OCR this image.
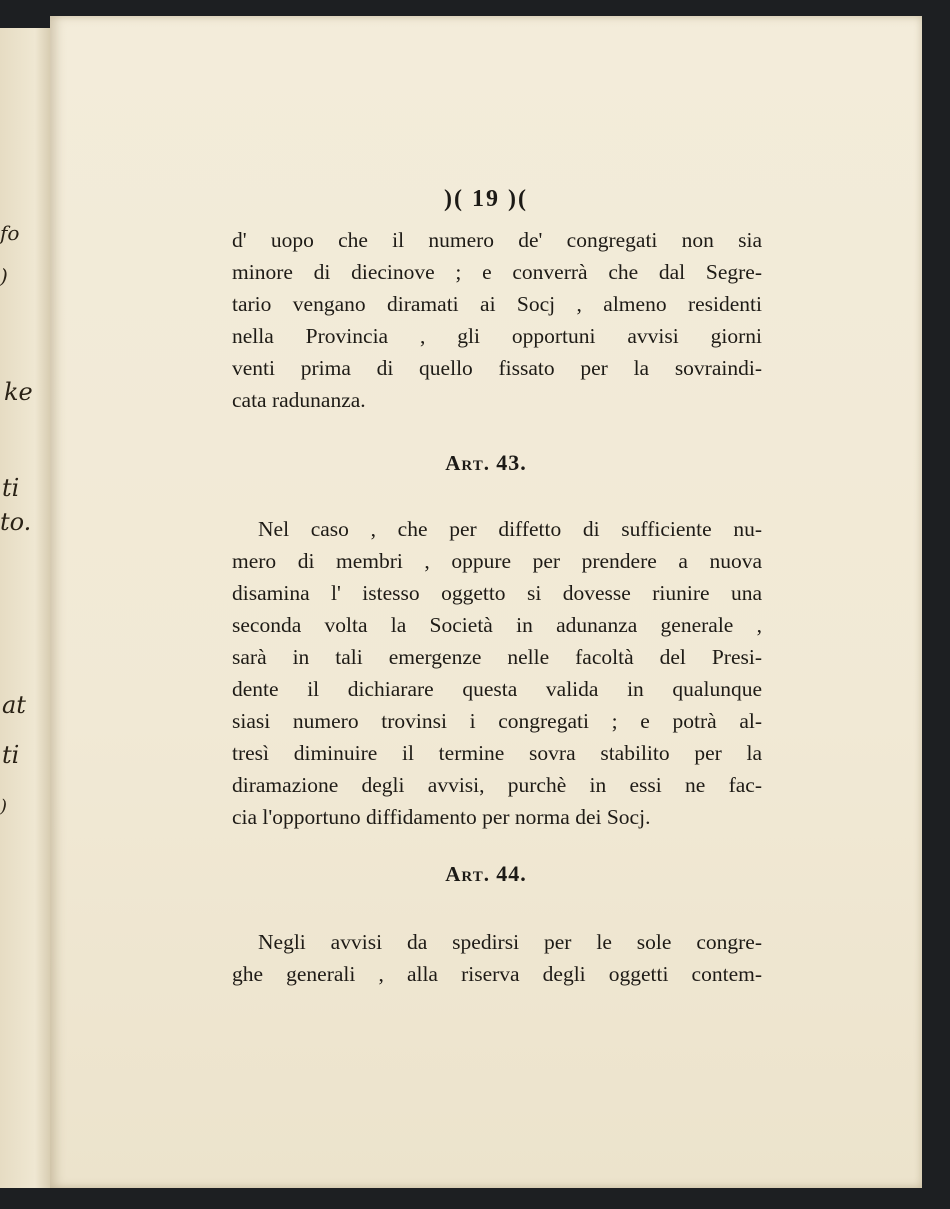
fo
)
ke
ti
to.
at
ti
)
)( 19 )(
d' uopo che il numero de' congregati non sia
minore di diecinove ; e converrà che dal Segre-
tario vengano diramati ai Socj , almeno residenti
nella Provincia , gli opportuni avvisi giorni
venti prima di quello fissato per la sovraindi-
cata radunanza.
Art. 43.
Nel caso , che per diffetto di sufficiente nu-
mero di membri , oppure per prendere a nuova
disamina l' istesso oggetto si dovesse riunire una
seconda volta la Società in adunanza generale ,
sarà in tali emergenze nelle facoltà del Presi-
dente il dichiarare questa valida in qualunque
siasi numero trovinsi i congregati ; e potrà al-
tresì diminuire il termine sovra stabilito per la
diramazione degli avvisi, purchè in essi ne fac-
cia l'opportuno diffidamento per norma dei Socj.
Art. 44.
Negli avvisi da spedirsi per le sole congre-
ghe generali , alla riserva degli oggetti contem-
